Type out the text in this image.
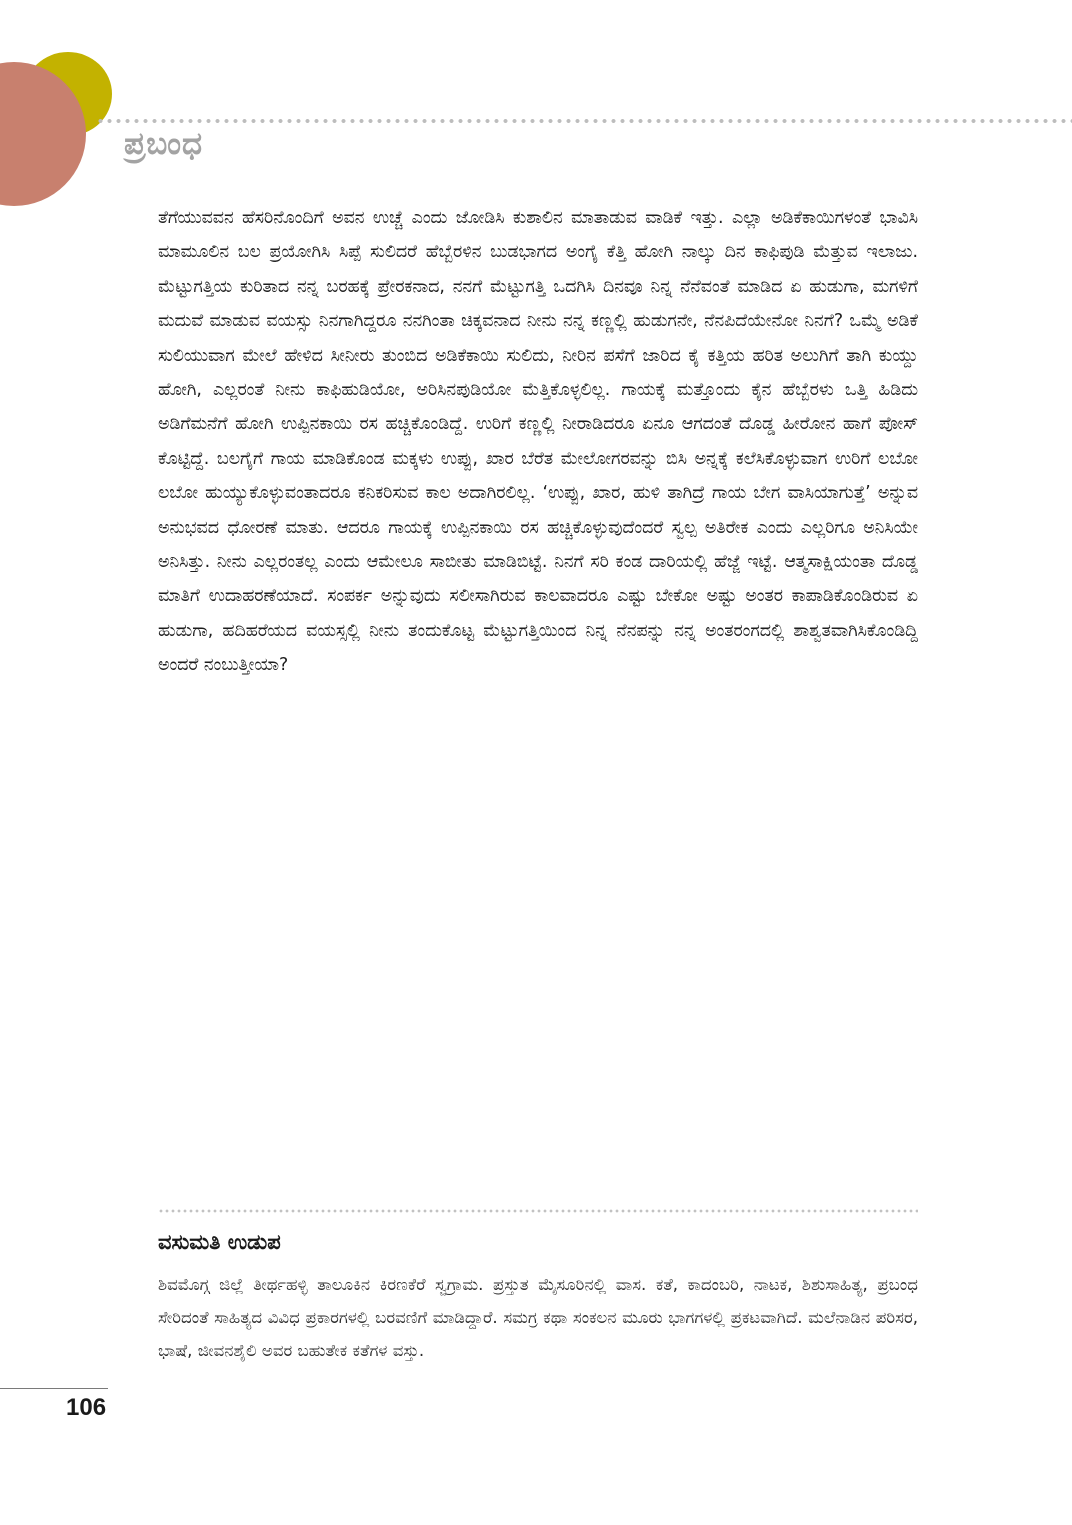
ಪ್ರಬಂಧ

ತೆಗೆಯುವವನ ಹೆಸರಿನೊಂದಿಗೆ ಅವನ ಉಚ್ಚೆ ಎಂದು ಜೋಡಿಸಿ ಕುಶಾಲಿನ ಮಾತಾಡುವ ವಾಡಿಕೆ ಇತ್ತು. ಎಲ್ಲಾ ಅಡಿಕೆಕಾಯಿಗಳಂತೆ ಭಾವಿಸಿ ಮಾಮೂಲಿನ ಬಲ ಪ್ರಯೋಗಿಸಿ ಸಿಪ್ಪೆ ಸುಲಿದರೆ ಹೆಬ್ಬೆರಳಿನ ಬುಡಭಾಗದ ಅಂಗೈ ಕೆತ್ತಿ ಹೋಗಿ ನಾಲ್ಕು ದಿನ ಕಾಫಿಪುಡಿ ಮೆತ್ತುವ ಇಲಾಜು. ಮೆಟ್ಟುಗತ್ತಿಯ ಕುರಿತಾದ ನನ್ನ ಬರಹಕ್ಕೆ ಪ್ರೇರಕನಾದ, ನನಗೆ ಮೆಟ್ಟುಗತ್ತಿ ಒದಗಿಸಿ ದಿನವೂ ನಿನ್ನ ನೆನೆವಂತೆ ಮಾಡಿದ ಏ ಹುಡುಗಾ, ಮಗಳಿಗೆ ಮದುವೆ ಮಾಡುವ ವಯಸ್ಸು ನಿನಗಾಗಿದ್ದರೂ ನನಗಿಂತಾ ಚಿಕ್ಕವನಾದ ನೀನು ನನ್ನ ಕಣ್ಣಲ್ಲಿ ಹುಡುಗನೇ, ನೆನಪಿದೆಯೇನೋ ನಿನಗೆ? ಒಮ್ಮೆ ಅಡಿಕೆ ಸುಲಿಯುವಾಗ ಮೇಲೆ ಹೇಳಿದ ಸೀನೀರು ತುಂಬಿದ ಅಡಿಕೆಕಾಯಿ ಸುಲಿದು, ನೀರಿನ ಪಸೆಗೆ ಜಾರಿದ ಕೈ ಕತ್ತಿಯ ಹರಿತ ಅಲುಗಿಗೆ ತಾಗಿ ಕುಯ್ದು ಹೋಗಿ, ಎಲ್ಲರಂತೆ ನೀನು ಕಾಫಿಹುಡಿಯೋ, ಅರಿಸಿನಪುಡಿಯೋ ಮೆತ್ತಿಕೊಳ್ಳಲಿಲ್ಲ. ಗಾಯಕ್ಕೆ ಮತ್ತೊಂದು ಕೈನ ಹೆಬ್ಬೆರಳು ಒತ್ತಿ ಹಿಡಿದು ಅಡಿಗೆಮನೆಗೆ ಹೋಗಿ ಉಪ್ಪಿನಕಾಯಿ ರಸ ಹಚ್ಚಿಕೊಂಡಿದ್ದೆ. ಉರಿಗೆ ಕಣ್ಣಲ್ಲಿ ನೀರಾಡಿದರೂ ಏನೂ ಆಗದಂತೆ ದೊಡ್ಡ ಹೀರೋನ ಹಾಗೆ ಪೋಸ್ ಕೊಟ್ಟಿದ್ದೆ. ಬಲಗೈಗೆ ಗಾಯ ಮಾಡಿಕೊಂಡ ಮಕ್ಕಳು ಉಪ್ಪು, ಖಾರ ಬೆರೆತ ಮೇಲೋಗರವನ್ನು ಬಿಸಿ ಅನ್ನಕ್ಕೆ ಕಲೆಸಿಕೊಳ್ಳುವಾಗ ಉರಿಗೆ ಲಬೋ ಲಬೋ ಹುಯ್ಯುಕೊಳ್ಳುವಂತಾದರೂ ಕನಿಕರಿಸುವ ಕಾಲ ಅದಾಗಿರಲಿಲ್ಲ. ‘ಉಪ್ಪು, ಖಾರ, ಹುಳಿ ತಾಗಿದ್ರೆ ಗಾಯ ಬೇಗ ವಾಸಿಯಾಗುತ್ತೆ’ ಅನ್ನುವ ಅನುಭವದ ಧೋರಣೆ ಮಾತು. ಆದರೂ ಗಾಯಕ್ಕೆ ಉಪ್ಪಿನಕಾಯಿ ರಸ ಹಚ್ಚಿಕೊಳ್ಳುವುದೆಂದರೆ ಸ್ವಲ್ಪ ಅತಿರೇಕ ಎಂದು ಎಲ್ಲರಿಗೂ ಅನಿಸಿಯೇ ಅನಿಸಿತ್ತು. ನೀನು ಎಲ್ಲರಂತಲ್ಲ ಎಂದು ಆಮೇಲೂ ಸಾಬೀತು ಮಾಡಿಬಿಟ್ಟೆ. ನಿನಗೆ ಸರಿ ಕಂಡ ದಾರಿಯಲ್ಲಿ ಹೆಜ್ಜೆ ಇಟ್ಟೆ. ಆತ್ಮಸಾಕ್ಷಿಯಂತಾ ದೊಡ್ಡ ಮಾತಿಗೆ ಉದಾಹರಣೆಯಾದೆ. ಸಂಪರ್ಕ ಅನ್ನುವುದು ಸಲೀಸಾಗಿರುವ ಕಾಲವಾದರೂ ಎಷ್ಟು ಬೇಕೋ ಅಷ್ಟು ಅಂತರ ಕಾಪಾಡಿಕೊಂಡಿರುವ ಏ ಹುಡುಗಾ, ಹದಿಹರೆಯದ ವಯಸ್ಸಲ್ಲಿ ನೀನು ತಂದುಕೊಟ್ಟ ಮೆಟ್ಟುಗತ್ತಿಯಿಂದ ನಿನ್ನ ನೆನಪನ್ನು ನನ್ನ ಅಂತರಂಗದಲ್ಲಿ ಶಾಶ್ವತವಾಗಿಸಿಕೊಂಡಿದ್ದಿ ಅಂದರೆ ನಂಬುತ್ತೀಯಾ?

ವಸುಮತಿ ಉಡುಪ

ಶಿವಮೊಗ್ಗ ಜಿಲ್ಲೆ ತೀರ್ಥಹಳ್ಳಿ ತಾಲೂಕಿನ ಕಿರಣಕೆರೆ ಸ್ವಗ್ರಾಮ. ಪ್ರಸ್ತುತ ಮೈಸೂರಿನಲ್ಲಿ ವಾಸ. ಕತೆ, ಕಾದಂಬರಿ, ನಾಟಕ, ಶಿಶುಸಾಹಿತ್ಯ, ಪ್ರಬಂಧ ಸೇರಿದಂತೆ ಸಾಹಿತ್ಯದ ವಿವಿಧ ಪ್ರಕಾರಗಳಲ್ಲಿ ಬರವಣಿಗೆ ಮಾಡಿದ್ದಾರೆ. ಸಮಗ್ರ ಕಥಾ ಸಂಕಲನ ಮೂರು ಭಾಗಗಳಲ್ಲಿ ಪ್ರಕಟವಾಗಿದೆ. ಮಲೆನಾಡಿನ ಪರಿಸರ, ಭಾಷೆ, ಜೀವನಶೈಲಿ ಅವರ ಬಹುತೇಕ ಕತೆಗಳ ವಸ್ತು.

106
